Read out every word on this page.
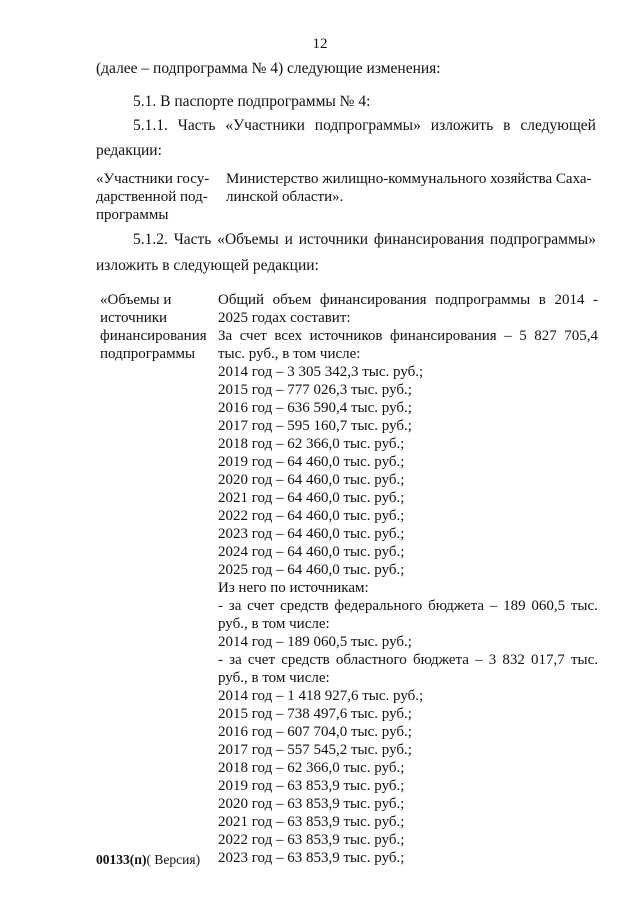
12
(далее – подпрограмма № 4) следующие изменения:
5.1. В паспорте подпрограммы № 4:
5.1.1. Часть «Участники подпрограммы» изложить в следующей
редакции:
«Участники госу-
дарственной под-
программы
Министерство жилищно-коммунального хозяйства Саха-
линской области».
5.1.2. Часть «Объемы и источники финансирования подпрограммы»
изложить в следующей редакции:
«Объемы и
источники
финансирования
подпрограммы
Общий объем финансирования подпрограммы в 2014 -
2025 годах составит:
За счет всех источников финансирования – 5 827 705,4
тыс. руб., в том числе:
2014 год – 3 305 342,3 тыс. руб.;
2015 год – 777 026,3 тыс. руб.;
2016 год – 636 590,4 тыс. руб.;
2017 год – 595 160,7 тыс. руб.;
2018 год – 62 366,0 тыс. руб.;
2019 год – 64 460,0 тыс. руб.;
2020 год – 64 460,0 тыс. руб.;
2021 год – 64 460,0 тыс. руб.;
2022 год – 64 460,0 тыс. руб.;
2023 год – 64 460,0 тыс. руб.;
2024 год – 64 460,0 тыс. руб.;
2025 год – 64 460,0 тыс. руб.;
Из него по источникам:
- за счет средств федерального бюджета – 189 060,5 тыс.
руб., в том числе:
2014 год – 189 060,5 тыс. руб.;
- за счет средств областного бюджета – 3 832 017,7 тыс.
руб., в том числе:
2014 год – 1 418 927,6 тыс. руб.;
2015 год – 738 497,6 тыс. руб.;
2016 год – 607 704,0 тыс. руб.;
2017 год – 557 545,2 тыс. руб.;
2018 год – 62 366,0 тыс. руб.;
2019 год – 63 853,9 тыс. руб.;
2020 год – 63 853,9 тыс. руб.;
2021 год – 63 853,9 тыс. руб.;
2022 год – 63 853,9 тыс. руб.;
2023 год – 63 853,9 тыс. руб.;
00133(п)( Версия)
